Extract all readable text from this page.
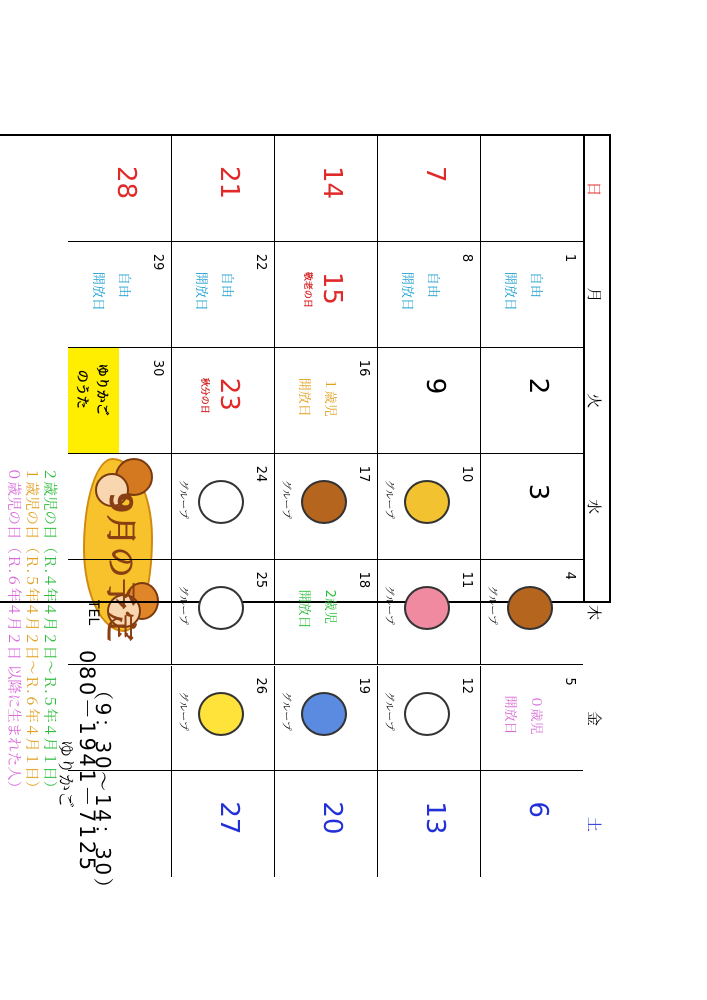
9月の予定
TEL
ゆりかご 080－1941－7125
（9：30～14：30）
日
月
火
水
木
金
土
1
自由
開放日
2
3
4
グループ
5
０歳児
開放日
6
7
8
自由
開放日
9
10
グループ
11
グループ
12
グループ
13
14
15
敬老の日
16
１歳児
開放日
17
グループ
18
2歳児
開放日
19
グループ
20
21
22
自由
開放日
23
秋分の日
24
グループ
25
グループ
26
グループ
27
28
29
自由
開放日
30
ゆりかご
のうた
２歳児の日（Ｒ.４年４月２日～Ｒ.５年４月１日）
１歳児の日（Ｒ.５年４月２日～Ｒ.６年４月１日）
０歳児の日（Ｒ.６年４月２日 以降に生まれた人）
